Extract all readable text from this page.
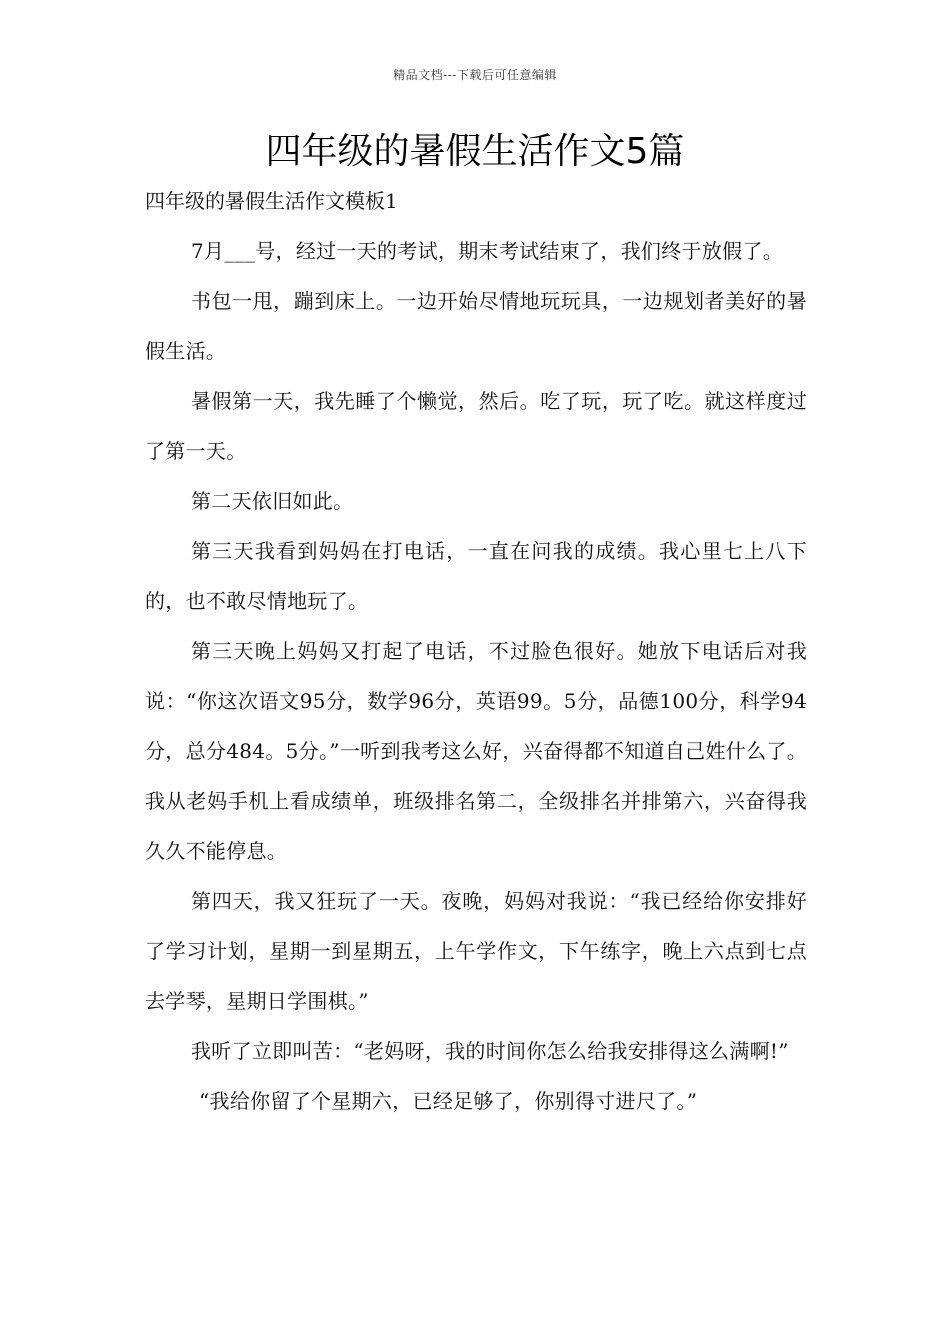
精品文档---下载后可任意编辑
四年级的暑假生活作文5篇
四年级的暑假生活作文模板1

7月___号，经过一天的考试，期末考试结束了，我们终于放假了。

书包一甩，蹦到床上。一边开始尽情地玩玩具，一边规划者美好的暑假生活。

暑假第一天，我先睡了个懒觉，然后。吃了玩，玩了吃。就这样度过了第一天。

第二天依旧如此。

第三天我看到妈妈在打电话，一直在问我的成绩。我心里七上八下的，也不敢尽情地玩了。

第三天晚上妈妈又打起了电话，不过脸色很好。她放下电话后对我说：“你这次语文95分，数学96分，英语99。5分，品德100分，科学94分，总分484。5分。”一听到我考这么好，兴奋得都不知道自己姓什么了。我从老妈手机上看成绩单，班级排名第二，全级排名并排第六，兴奋得我久久不能停息。

第四天，我又狂玩了一天。夜晚，妈妈对我说：“我已经给你安排好了学习计划，星期一到星期五，上午学作文，下午练字，晚上六点到七点去学琴，星期日学围棋。”

我听了立即叫苦：“老妈呀，我的时间你怎么给我安排得这么满啊!”

“我给你留了个星期六，已经足够了，你别得寸进尺了。”
